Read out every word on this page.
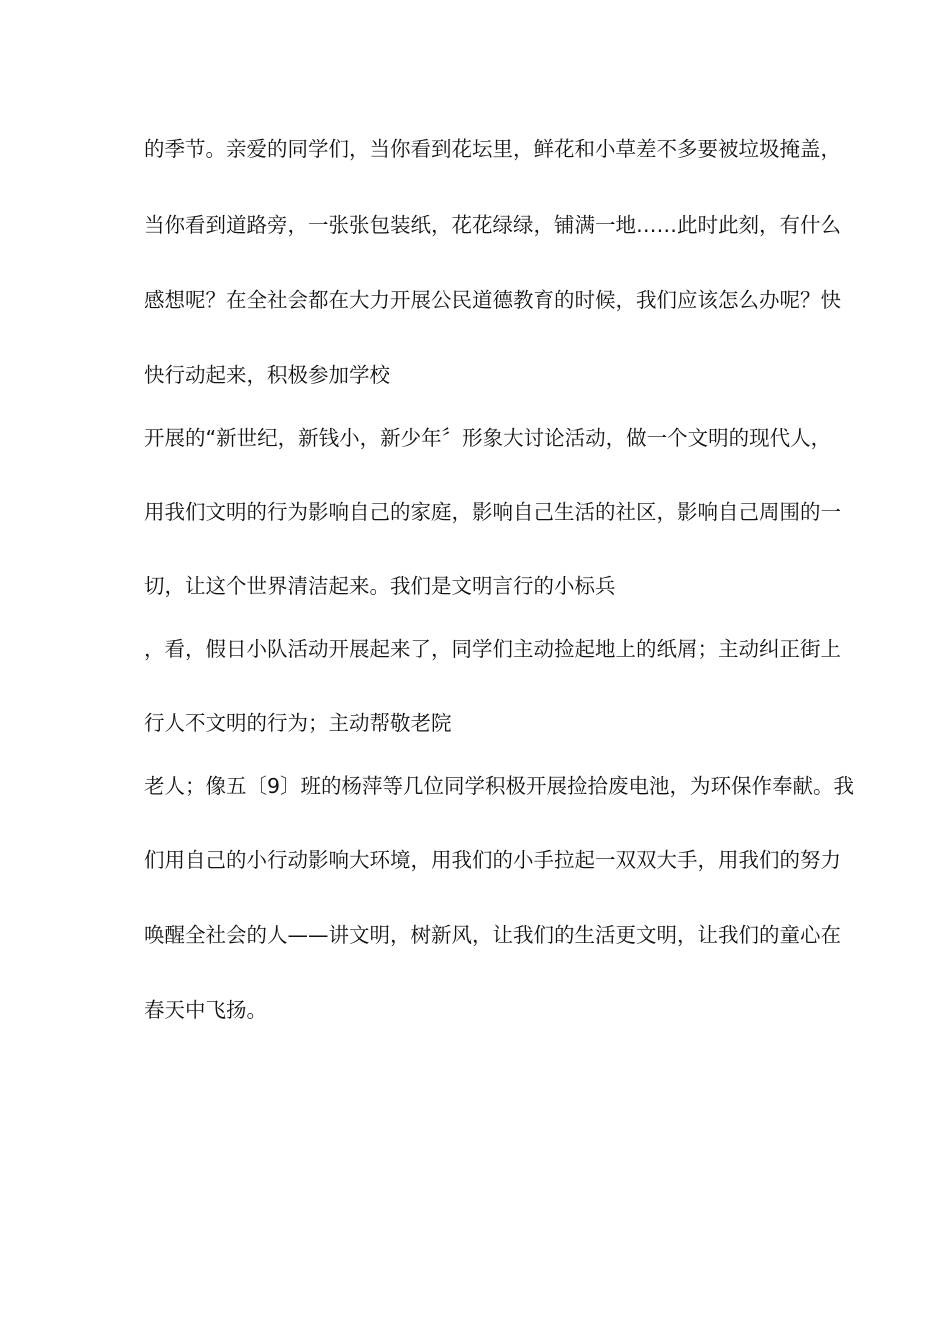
的季节。亲爱的同学们，当你看到花坛里，鲜花和小草差不多要被垃圾掩盖，
当你看到道路旁，一张张包装纸，花花绿绿，铺满一地……此时此刻，有什么
感想呢？在全社会都在大力开展公民道德教育的时候，我们应该怎么办呢？快
快行动起来，积极参加学校
开展的“新世纪，新钱小，新少年〞形象大讨论活动，做一个文明的现代人，
用我们文明的行为影响自己的家庭，影响自己生活的社区，影响自己周围的一
切，让这个世界清洁起来。我们是文明言行的小标兵
，看，假日小队活动开展起来了，同学们主动捡起地上的纸屑；主动纠正街上
行人不文明的行为；主动帮敬老院
老人；像五〔9〕班的杨萍等几位同学积极开展捡拾废电池，为环保作奉献。我
们用自己的小行动影响大环境，用我们的小手拉起一双双大手，用我们的努力
唤醒全社会的人——讲文明，树新风，让我们的生活更文明，让我们的童心在
春天中飞扬。
